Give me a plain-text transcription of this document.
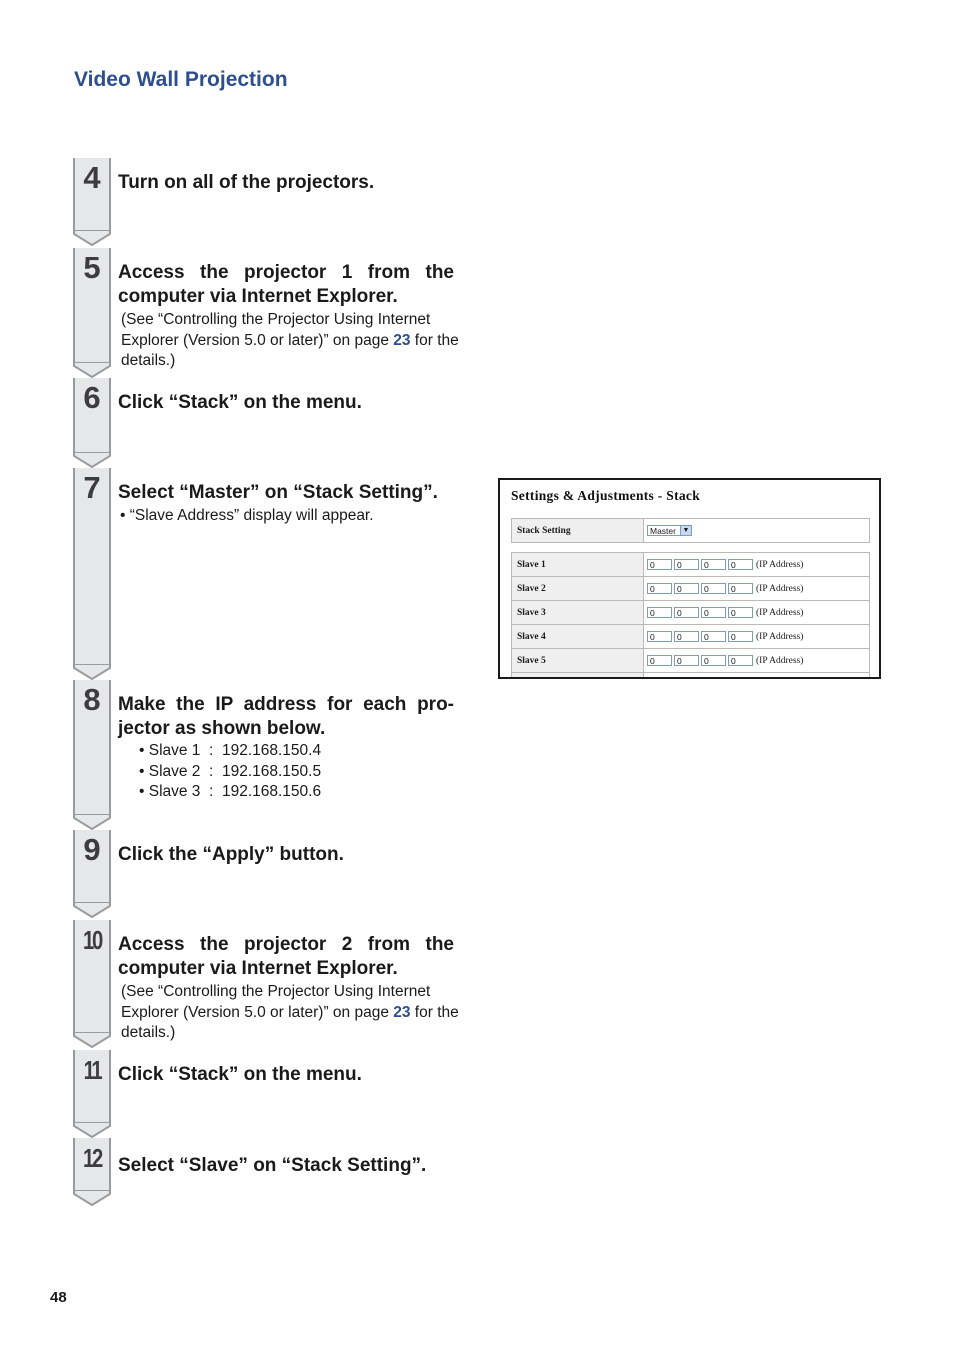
Video Wall Projection
4 Turn on all of the projectors.
5 Access the projector 1 from the computer via Internet Explorer.
(See “Controlling the Projector Using Internet Explorer (Version 5.0 or later)” on page 23 for the details.)
6 Click “Stack” on the menu.
7 Select “Master” on “Stack Setting”.
• “Slave Address” display will appear.
8 Make the IP address for each pro- jector as shown below.
• Slave 1  :  192.168.150.4
• Slave 2  :  192.168.150.5
• Slave 3  :  192.168.150.6
9 Click the “Apply” button.
10 Access the projector 2 from the computer via Internet Explorer.
(See “Controlling the Projector Using Internet Explorer (Version 5.0 or later)” on page 23 for the details.)
11 Click “Stack” on the menu.
12 Select “Slave” on “Stack Setting”.
Settings & Adjustments - Stack
Stack Setting	Master ▼
Slave 1	0 0 0 0 (IP Address)
Slave 2	0 0 0 0 (IP Address)
Slave 3	0 0 0 0 (IP Address)
Slave 4	0 0 0 0 (IP Address)
Slave 5	0 0 0 0 (IP Address)

48
